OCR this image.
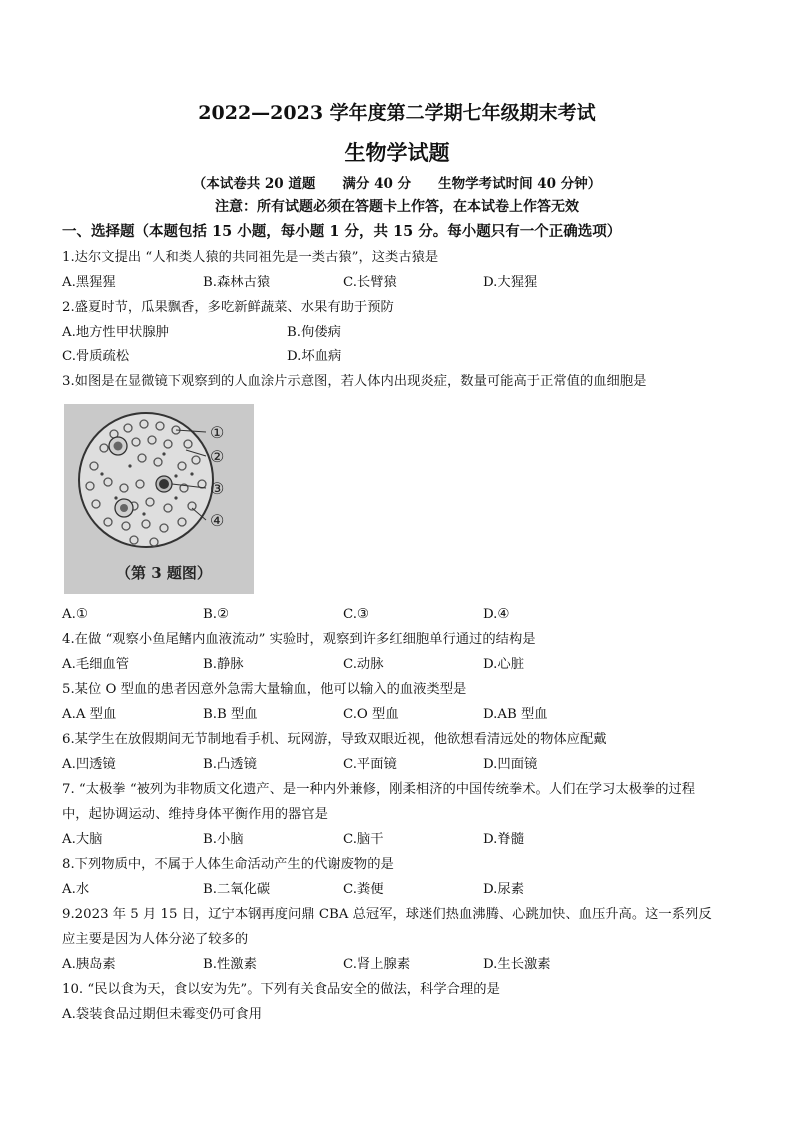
2022—2023 学年度第二学期七年级期末考试
生物学试题
（本试卷共 20 道题　　满分 40 分　　生物学考试时间 40 分钟）
注意：所有试题必须在答题卡上作答，在本试卷上作答无效
一、选择题（本题包括 15 小题，每小题 1 分，共 15 分。每小题只有一个正确选项）
1.达尔文提出 “人和类人猿的共同祖先是一类古猿”，这类古猿是
A.黑猩猩	B.森林古猿	C.长臂猿	D.大猩猩
2.盛夏时节，瓜果飘香，多吃新鲜蔬菜、水果有助于预防
A.地方性甲状腺肿	B.佝偻病
C.骨质疏松	D.坏血病
3.如图是在显微镜下观察到的人血涂片示意图，若人体内出现炎症，数量可能高于正常值的血细胞是
①
②
③
④
（第 3 题图）
A.①	B.②	C.③	D.④
4.在做 “观察小鱼尾鳍内血液流动” 实验时，观察到许多红细胞单行通过的结构是
A.毛细血管	B.静脉	C.动脉	D.心脏
5.某位 O 型血的患者因意外急需大量输血，他可以输入的血液类型是
A.A 型血	B.B 型血	C.O 型血	D.AB 型血
6.某学生在放假期间无节制地看手机、玩网游，导致双眼近视，他欲想看清远处的物体应配戴
A.凹透镜	B.凸透镜	C.平面镜	D.凹面镜
7. “太极拳 “被列为非物质文化遗产、是一种内外兼修，刚柔相济的中国传统拳术。人们在学习太极拳的过程
中，起协调运动、维持身体平衡作用的器官是
A.大脑	B.小脑	C.脑干	D.脊髓
8.下列物质中，不属于人体生命活动产生的代谢废物的是
A.水	B.二氧化碳	C.粪便	D.尿素
9.2023 年 5 月 15 日，辽宁本钢再度问鼎 CBA 总冠军，球迷们热血沸腾、心跳加快、血压升高。这一系列反
应主要是因为人体分泌了较多的
A.胰岛素	B.性激素	C.肾上腺素	D.生长激素
10. “民以食为天，食以安为先”。下列有关食品安全的做法，科学合理的是
A.袋装食品过期但未霉变仍可食用
